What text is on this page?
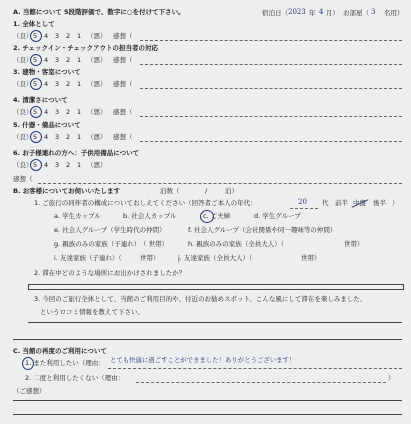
A. 当館について 5段階評価で、数字に○を付けて下さい。	宿泊日（ 2023 年 4 月） お部屋（ 3 名用）
1. 全体として
（良） 5 4 3 2 1 （悪） 感想（
2. チェックイン・チェックアウトの担当者の対応
（良） 5 4 3 2 1 （悪） 感想（
3. 建物・客室について
（良） 5 4 3 2 1 （悪） 感想（
4. 清潔さについて
（良） 5 4 3 2 1 （悪） 感想（
5. 什器・備品について
（良） 5 4 3 2 1 （悪） 感想（
6. お子様連れの方へ：子供用備品について
（良） 5 4 3 2 1 （悪）
感想（
B. お客様についてお伺いいたします	泊数（	/	泊）
1. ご旅行の同伴者の構成についておしえてください（回答者ご本人の年代：	20 代 前半 中盤 後半 ）
a. 学生カップル	b. 社会人カップル	c. ご夫婦	d. 学生グループ
e. 社会人グループ（学生時代の仲間）	f. 社会人グループ（会社関係や同一趣味等の仲間）
g. 親族のみの家族（子連れ） （ 世帯）	h. 親族のみの家族（全員大人）（	世帯）
i. 友達家族（子連れ）（	世帯）	j. 友達家族（全員大人）（	世帯）
2. 滞在中どのような場所にお出かけされましたか？
3. 今回のご旅行全体として、当館のご利用目的や、付近のお勧めスポット、こんな風にして滞在を楽しみました、
というロコミ情報を教えて下さい。
C. 当館の再度のご利用について
1. また利用したい（理由： とても快適に過ごすことができました！ありがとうございます！
2. 二度と利用したくない（理由：	）
（ご感想）
